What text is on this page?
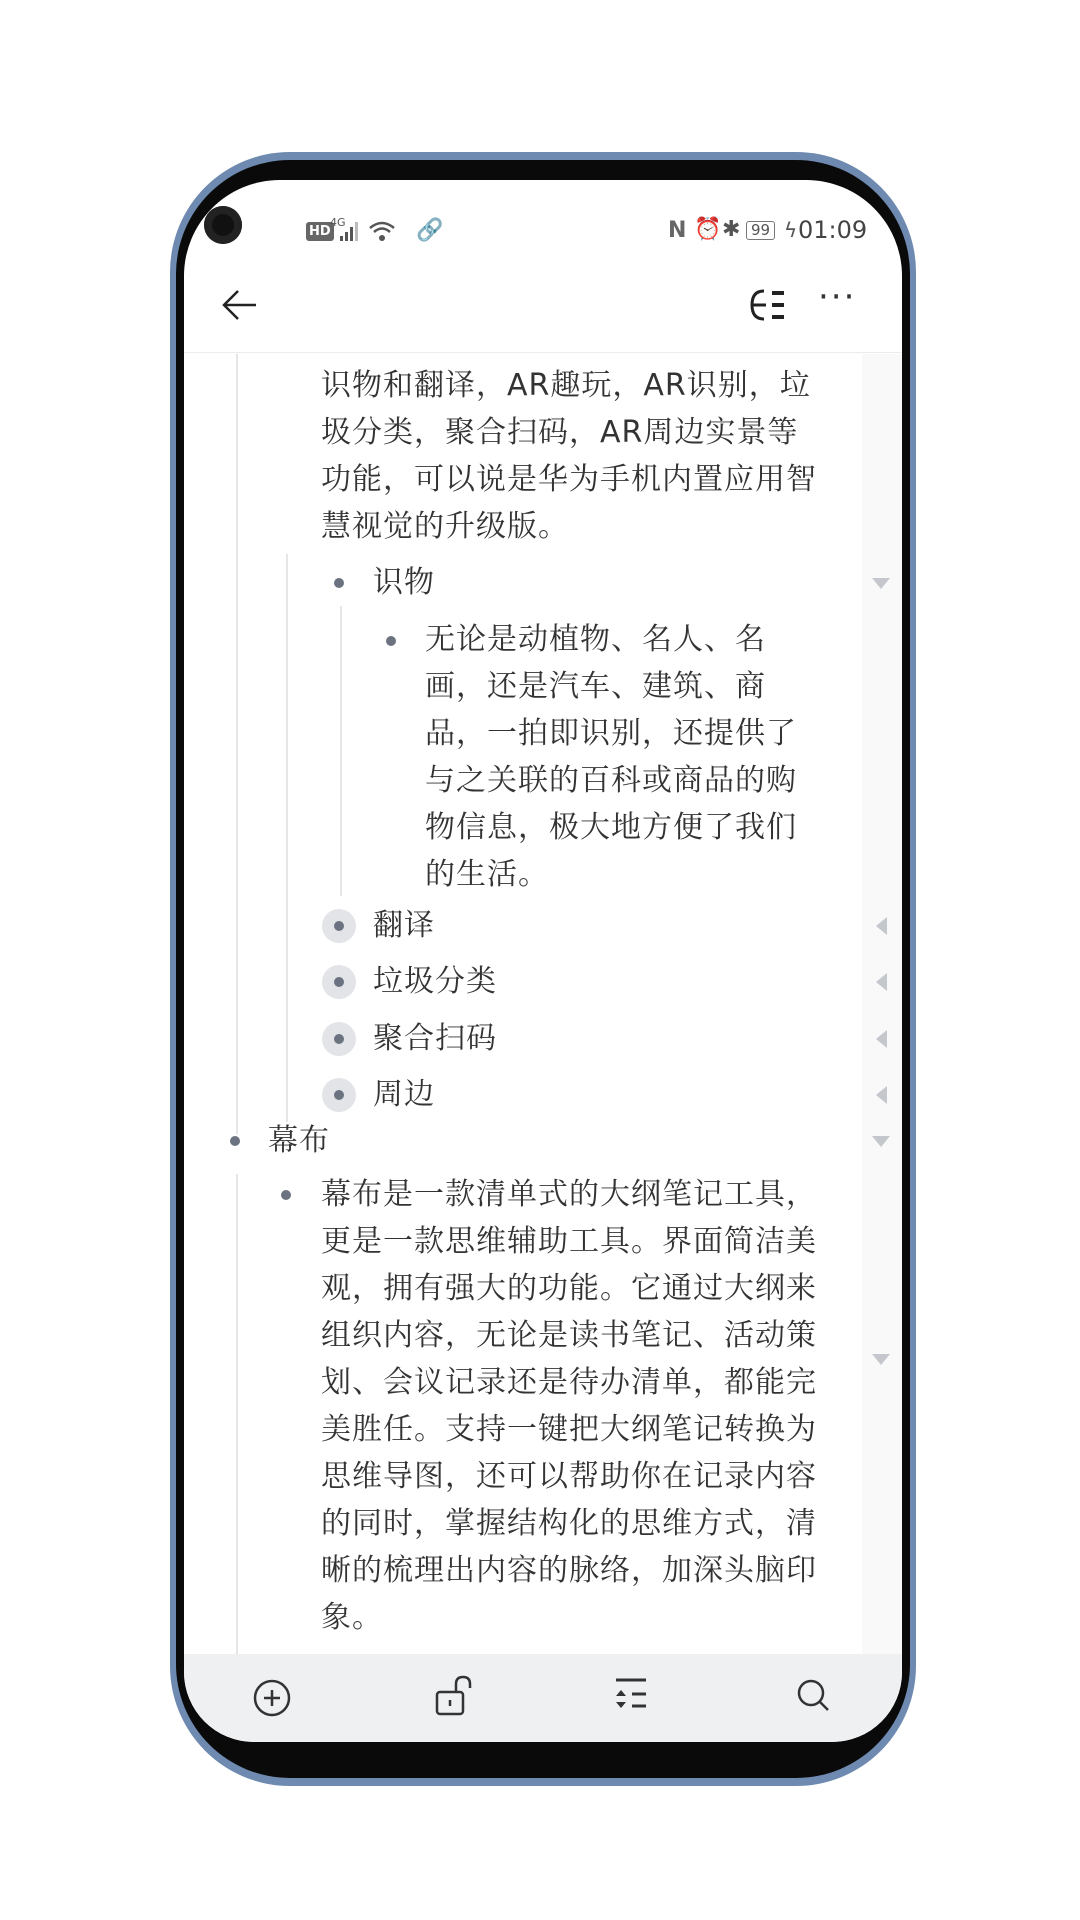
HD
4G	🔗	N ⏰ ✱ 99 ϟ 01:09
···
识物和翻译，AR趣玩，AR识别，垃
圾分类，聚合扫码，AR周边实景等
功能，可以说是华为手机内置应用智
慧视觉的升级版。
识物
无论是动植物、名人、名
画，还是汽车、建筑、商
品，一拍即识别，还提供了
与之关联的百科或商品的购
物信息，极大地方便了我们
的生活。
翻译
垃圾分类
聚合扫码
周边
幕布
幕布是一款清单式的大纲笔记工具，
更是一款思维辅助工具。界面简洁美
观，拥有强大的功能。它通过大纲来
组织内容，无论是读书笔记、活动策
划、会议记录还是待办清单，都能完
美胜任。支持一键把大纲笔记转换为
思维导图，还可以帮助你在记录内容
的同时，掌握结构化的思维方式，清
晰的梳理出内容的脉络，加深头脑印
象。
